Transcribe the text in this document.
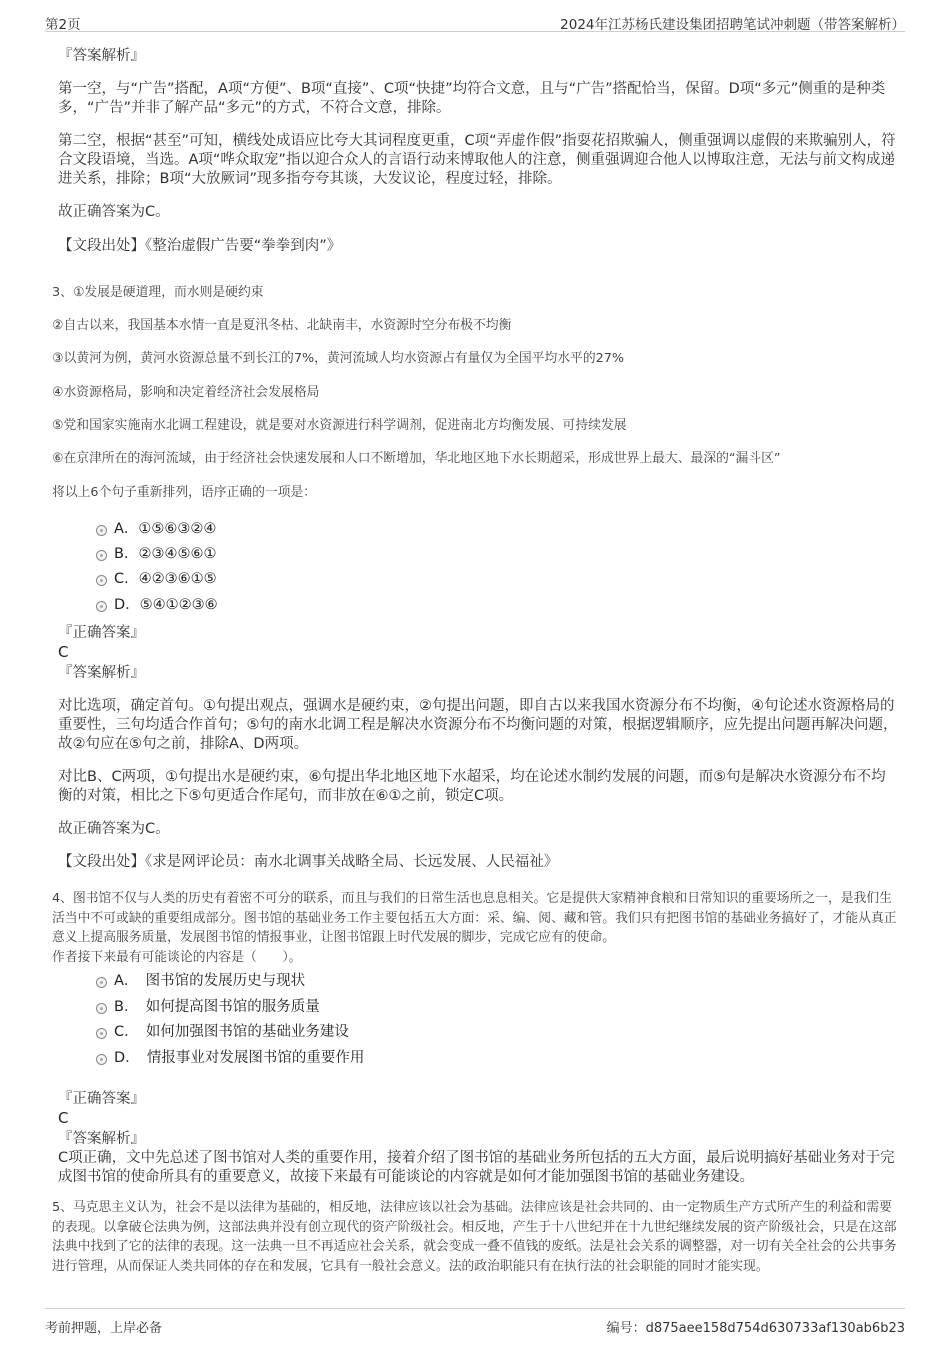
第2页	2024年江苏杨氏建设集团招聘笔试冲刺题（带答案解析）
『答案解析』
第一空，与“广告”搭配，A项“方便”、B项“直接”、C项“快捷”均符合文意，且与“广告”搭配恰当，保留。D项“多元”侧重的是种类多，“广告”并非了解产品“多元”的方式，不符合文意，排除。
第二空，根据“甚至”可知，横线处成语应比夸大其词程度更重，C项“弄虚作假”指耍花招欺骗人，侧重强调以虚假的来欺骗别人，符合文段语境，当选。A项“哗众取宠”指以迎合众人的言语行动来博取他人的注意，侧重强调迎合他人以博取注意，无法与前文构成递进关系，排除；B项“大放厥词”现多指夸夸其谈，大发议论，程度过轻，排除。
故正确答案为C。
【文段出处】《整治虚假广告要“拳拳到肉”》
3、①发展是硬道理，而水则是硬约束
②自古以来，我国基本水情一直是夏汛冬枯、北缺南丰，水资源时空分布极不均衡
③以黄河为例，黄河水资源总量不到长江的7%，黄河流域人均水资源占有量仅为全国平均水平的27%
④水资源格局，影响和决定着经济社会发展格局
⑤党和国家实施南水北调工程建设，就是要对水资源进行科学调剂，促进南北方均衡发展、可持续发展
⑥在京津所在的海河流域，由于经济社会快速发展和人口不断增加，华北地区地下水长期超采，形成世界上最大、最深的“漏斗区”
将以上6个句子重新排列，语序正确的一项是：
A．①⑤⑥③②④
B．②③④⑤⑥①
C．④②③⑥①⑤
D．⑤④①②③⑥
『正确答案』
C
『答案解析』
对比选项，确定首句。①句提出观点，强调水是硬约束，②句提出问题，即自古以来我国水资源分布不均衡，④句论述水资源格局的重要性，三句均适合作首句；⑤句的南水北调工程是解决水资源分布不均衡问题的对策，根据逻辑顺序，应先提出问题再解决问题，故②句应在⑤句之前，排除A、D两项。
对比B、C两项，①句提出水是硬约束，⑥句提出华北地区地下水超采，均在论述水制约发展的问题，而⑤句是解决水资源分布不均衡的对策，相比之下⑤句更适合作尾句，而非放在⑥①之前，锁定C项。
故正确答案为C。
【文段出处】《求是网评论员：南水北调事关战略全局、长远发展、人民福祉》
4、图书馆不仅与人类的历史有着密不可分的联系，而且与我们的日常生活也息息相关。它是提供大家精神食粮和日常知识的重要场所之一，是我们生活当中不可或缺的重要组成部分。图书馆的基础业务工作主要包括五大方面：采、编、阅、藏和管。我们只有把图书馆的基础业务搞好了，才能从真正意义上提高服务质量，发展图书馆的情报事业，让图书馆跟上时代发展的脚步，完成它应有的使命。
作者接下来最有可能谈论的内容是（　　）。
A．　图书馆的发展历史与现状
B．　如何提高图书馆的服务质量
C．　如何加强图书馆的基础业务建设
D．　情报事业对发展图书馆的重要作用
『正确答案』
C
『答案解析』
C项正确，文中先总述了图书馆对人类的重要作用，接着介绍了图书馆的基础业务所包括的五大方面，最后说明搞好基础业务对于完成图书馆的使命所具有的重要意义，故接下来最有可能谈论的内容就是如何才能加强图书馆的基础业务建设。
5、马克思主义认为，社会不是以法律为基础的，相反地，法律应该以社会为基础。法律应该是社会共同的、由一定物质生产方式所产生的利益和需要的表现。以拿破仑法典为例，这部法典并没有创立现代的资产阶级社会。相反地，产生于十八世纪并在十九世纪继续发展的资产阶级社会，只是在这部法典中找到了它的法律的表现。这一法典一旦不再适应社会关系，就会变成一叠不值钱的废纸。法是社会关系的调整器，对一切有关全社会的公共事务进行管理，从而保证人类共同体的存在和发展，它具有一般社会意义。法的政治职能只有在执行法的社会职能的同时才能实现。
考前押题，上岸必备	编号：d875aee158d754d630733af130ab6b23
